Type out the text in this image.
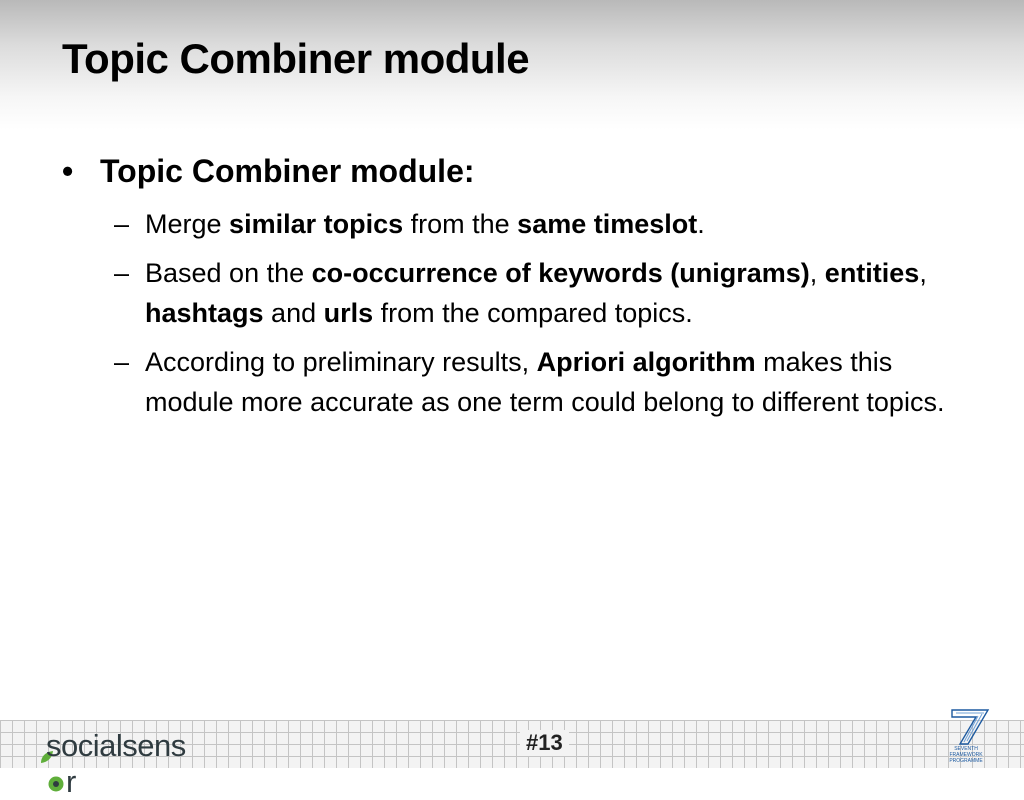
Topic Combiner module
• Topic Combiner module:
– Merge similar topics from the same timeslot.
– Based on the co-occurrence of keywords (unigrams), entities, hashtags and urls from the compared topics.
– According to preliminary results, Apriori algorithm makes this module more accurate as one term could belong to different topics.
socialsensr
#13	SEVENTH FRAMEWORK
PROGRAMME
